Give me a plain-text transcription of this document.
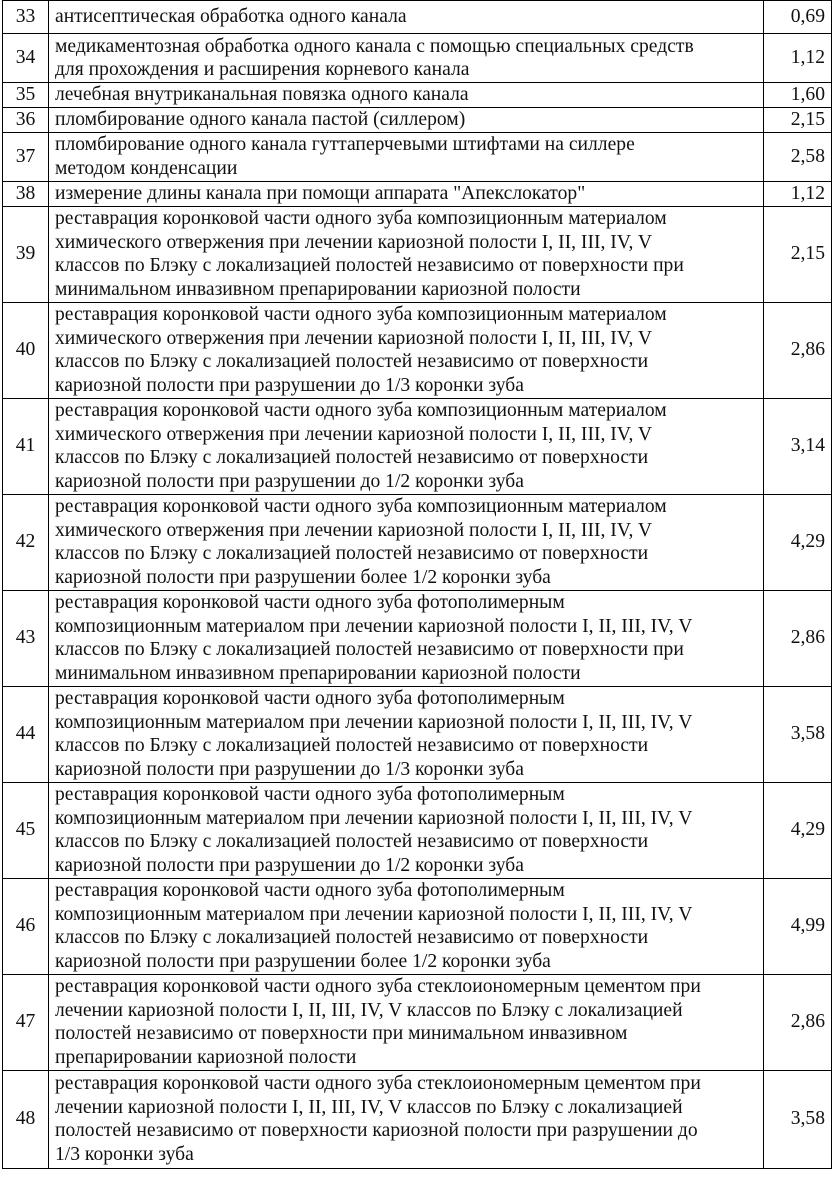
33	антисептическая обработка одного канала	0,69
34	медикаментозная обработка одного канала с помощью специальных средств
для прохождения и расширения корневого канала	1,12
35	лечебная внутриканальная повязка одного канала	1,60
36	пломбирование одного канала пастой (силлером)	2,15
37	пломбирование одного канала гуттаперчевыми штифтами на силлере
методом конденсации	2,58
38	измерение длины канала при помощи аппарата "Апекслокатор"	1,12
39	реставрация коронковой части одного зуба композиционным материалом
химического отвержения при лечении кариозной полости I, II, III, IV, V
классов по Блэку с локализацией полостей независимо от поверхности при
минимальном инвазивном препарировании кариозной полости	2,15
40	реставрация коронковой части одного зуба композиционным материалом
химического отвержения при лечении кариозной полости I, II, III, IV, V
классов по Блэку с локализацией полостей независимо от поверхности
кариозной полости при разрушении до 1/3 коронки зуба	2,86
41	реставрация коронковой части одного зуба композиционным материалом
химического отвержения при лечении кариозной полости I, II, III, IV, V
классов по Блэку с локализацией полостей независимо от поверхности
кариозной полости при разрушении до 1/2 коронки зуба	3,14
42	реставрация коронковой части одного зуба композиционным материалом
химического отвержения при лечении кариозной полости I, II, III, IV, V
классов по Блэку с локализацией полостей независимо от поверхности
кариозной полости при разрушении более 1/2 коронки зуба	4,29
43	реставрация коронковой части одного зуба фотополимерным
композиционным материалом при лечении кариозной полости I, II, III, IV, V
классов по Блэку с локализацией полостей независимо от поверхности при
минимальном инвазивном препарировании кариозной полости	2,86
44	реставрация коронковой части одного зуба фотополимерным
композиционным материалом при лечении кариозной полости I, II, III, IV, V
классов по Блэку с локализацией полостей независимо от поверхности
кариозной полости при разрушении до 1/3 коронки зуба	3,58
45	реставрация коронковой части одного зуба фотополимерным
композиционным материалом при лечении кариозной полости I, II, III, IV, V
классов по Блэку с локализацией полостей независимо от поверхности
кариозной полости при разрушении до 1/2 коронки зуба	4,29
46	реставрация коронковой части одного зуба фотополимерным
композиционным материалом при лечении кариозной полости I, II, III, IV, V
классов по Блэку с локализацией полостей независимо от поверхности
кариозной полости при разрушении более 1/2 коронки зуба	4,99
47	реставрация коронковой части одного зуба стеклоиономерным цементом при
лечении кариозной полости I, II, III, IV, V классов по Блэку с локализацией
полостей независимо от поверхности при минимальном инвазивном
препарировании кариозной полости	2,86
48	реставрация коронковой части одного зуба стеклоиономерным цементом при
лечении кариозной полости I, II, III, IV, V классов по Блэку с локализацией
полостей независимо от поверхности кариозной полости при разрушении до
1/3 коронки зуба	3,58
